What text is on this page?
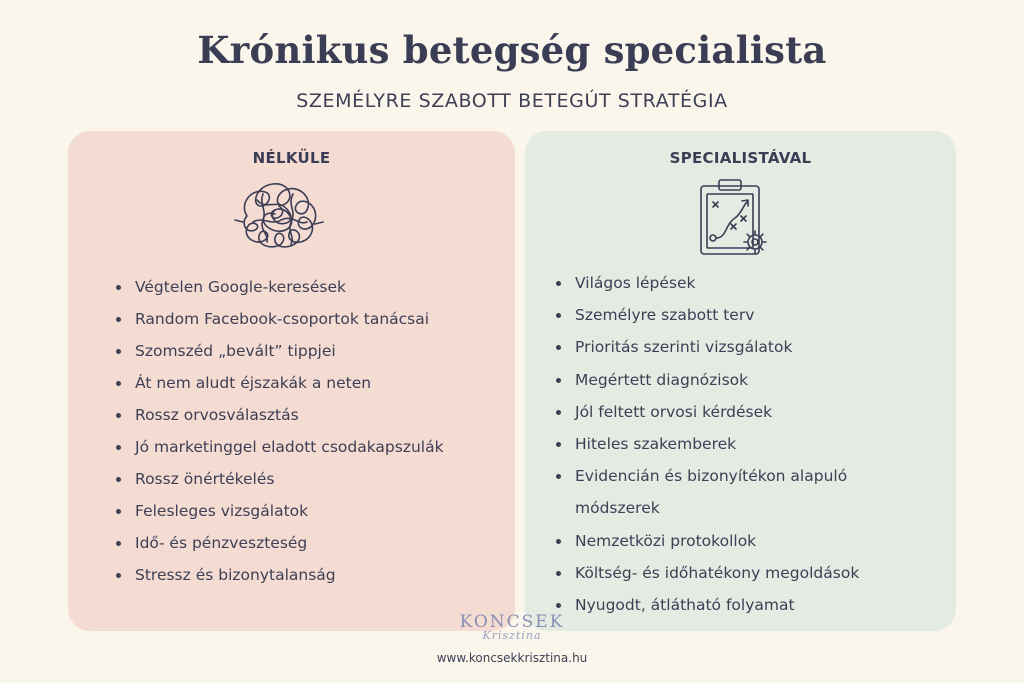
Krónikus betegség specialista
SZEMÉLYRE SZABOTT BETEGÚT STRATÉGIA
NÉLKÜLE
Végtelen Google-keresések
Random Facebook-csoportok tanácsai
Szomszéd „bevált” tippjei
Át nem aludt éjszakák a neten
Rossz orvosválasztás
Jó marketinggel eladott csodakapszulák
Rossz önértékelés
Felesleges vizsgálatok
Idő- és pénzveszteség
Stressz és bizonytalanság
SPECIALISTÁVAL
Világos lépések
Személyre szabott terv
Prioritás szerinti vizsgálatok
Megértett diagnózisok
Jól feltett orvosi kérdések
Hiteles szakemberek
Evidencián és bizonyítékon alapuló
módszerek
Nemzetközi protokollok
Költség- és időhatékony megoldások
Nyugodt, átlátható folyamat
KONCSEK
Krisztina
www.koncsekkrisztina.hu
